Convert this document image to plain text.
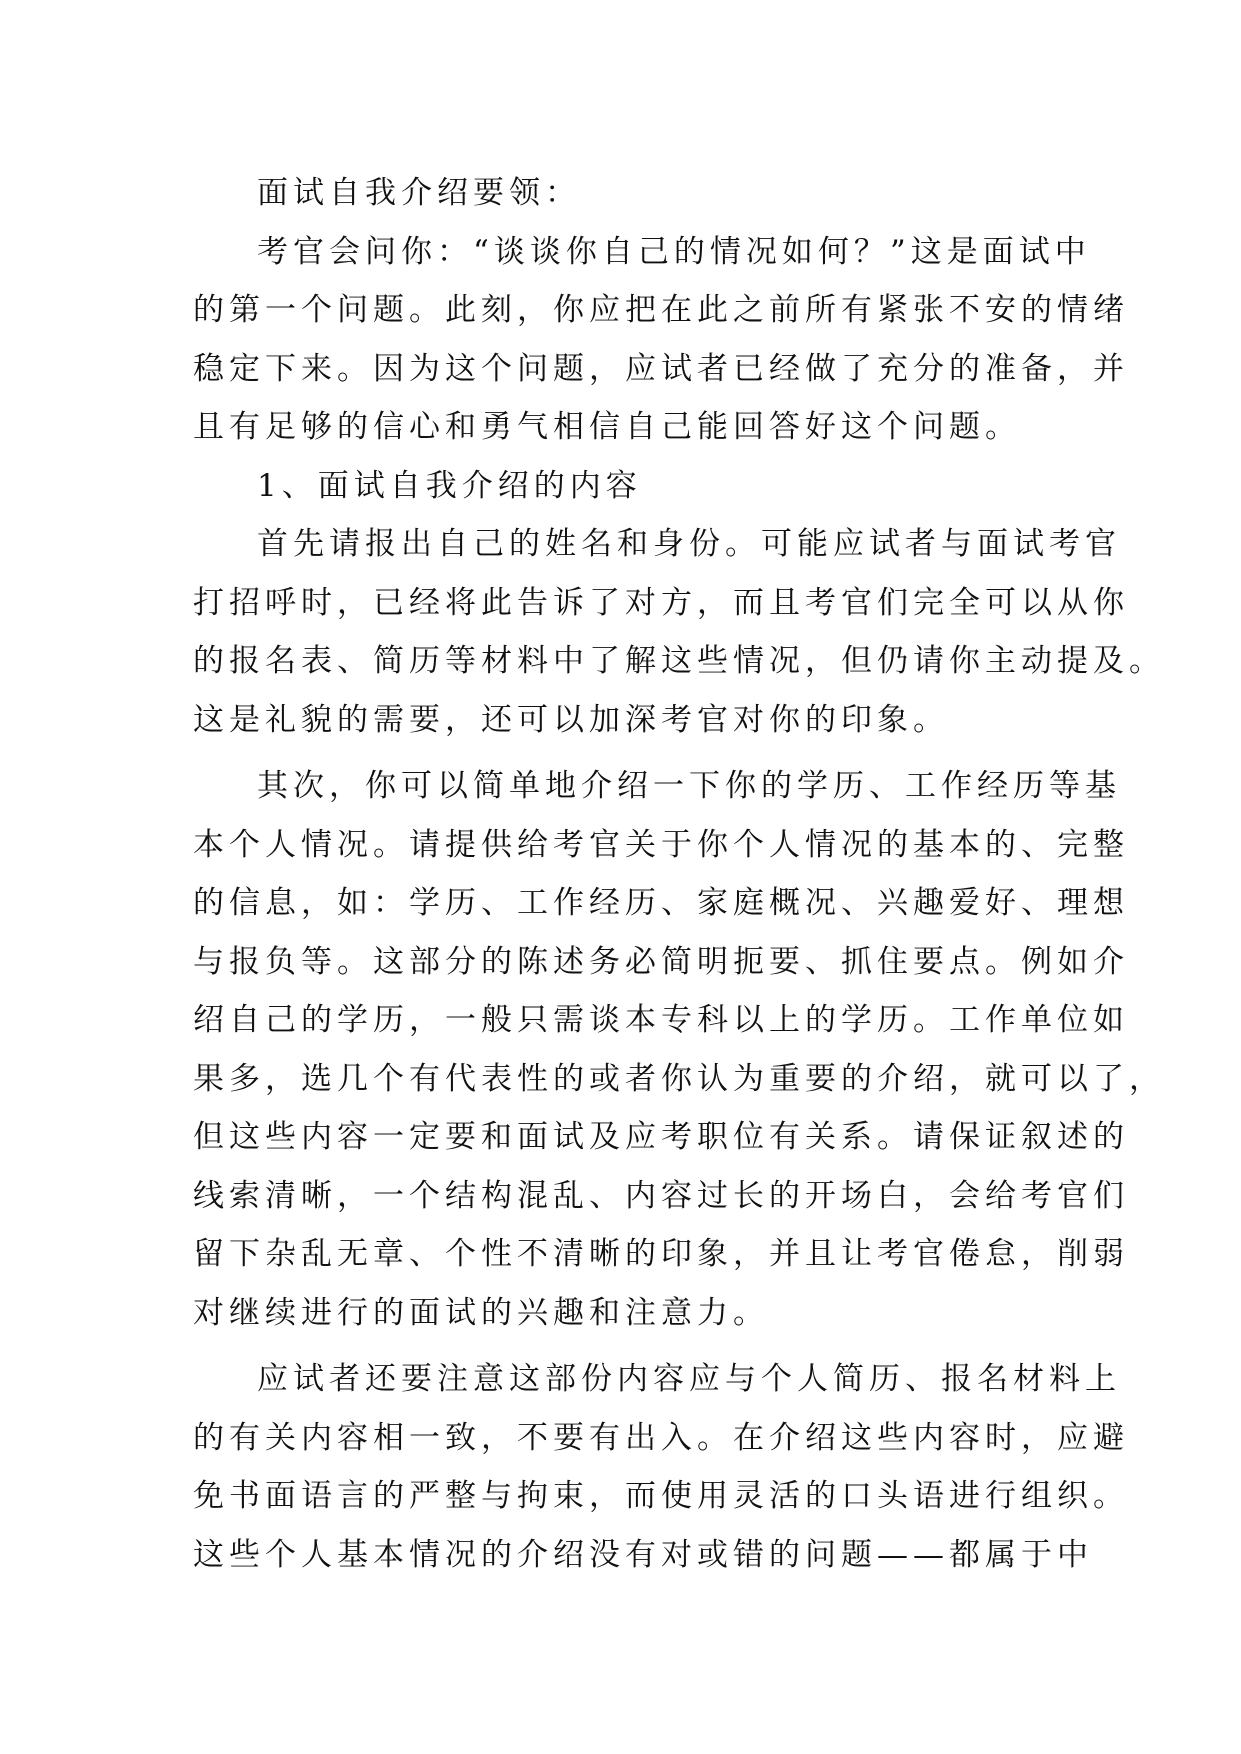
面试自我介绍要领：
考官会问你：“谈谈你自己的情况如何？”这是面试中
的第一个问题。此刻，你应把在此之前所有紧张不安的情绪
稳定下来。因为这个问题，应试者已经做了充分的准备，并
且有足够的信心和勇气相信自己能回答好这个问题。
1、面试自我介绍的内容
首先请报出自己的姓名和身份。可能应试者与面试考官
打招呼时，已经将此告诉了对方，而且考官们完全可以从你
的报名表、简历等材料中了解这些情况，但仍请你主动提及。
这是礼貌的需要，还可以加深考官对你的印象。
其次，你可以简单地介绍一下你的学历、工作经历等基
本个人情况。请提供给考官关于你个人情况的基本的、完整
的信息，如：学历、工作经历、家庭概况、兴趣爱好、理想
与报负等。这部分的陈述务必简明扼要、抓住要点。例如介
绍自己的学历，一般只需谈本专科以上的学历。工作单位如
果多，选几个有代表性的或者你认为重要的介绍，就可以了，
但这些内容一定要和面试及应考职位有关系。请保证叙述的
线索清晰，一个结构混乱、内容过长的开场白，会给考官们
留下杂乱无章、个性不清晰的印象，并且让考官倦怠，削弱
对继续进行的面试的兴趣和注意力。
应试者还要注意这部份内容应与个人简历、报名材料上
的有关内容相一致，不要有出入。在介绍这些内容时，应避
免书面语言的严整与拘束，而使用灵活的口头语进行组织。
这些个人基本情况的介绍没有对或错的问题——都属于中
